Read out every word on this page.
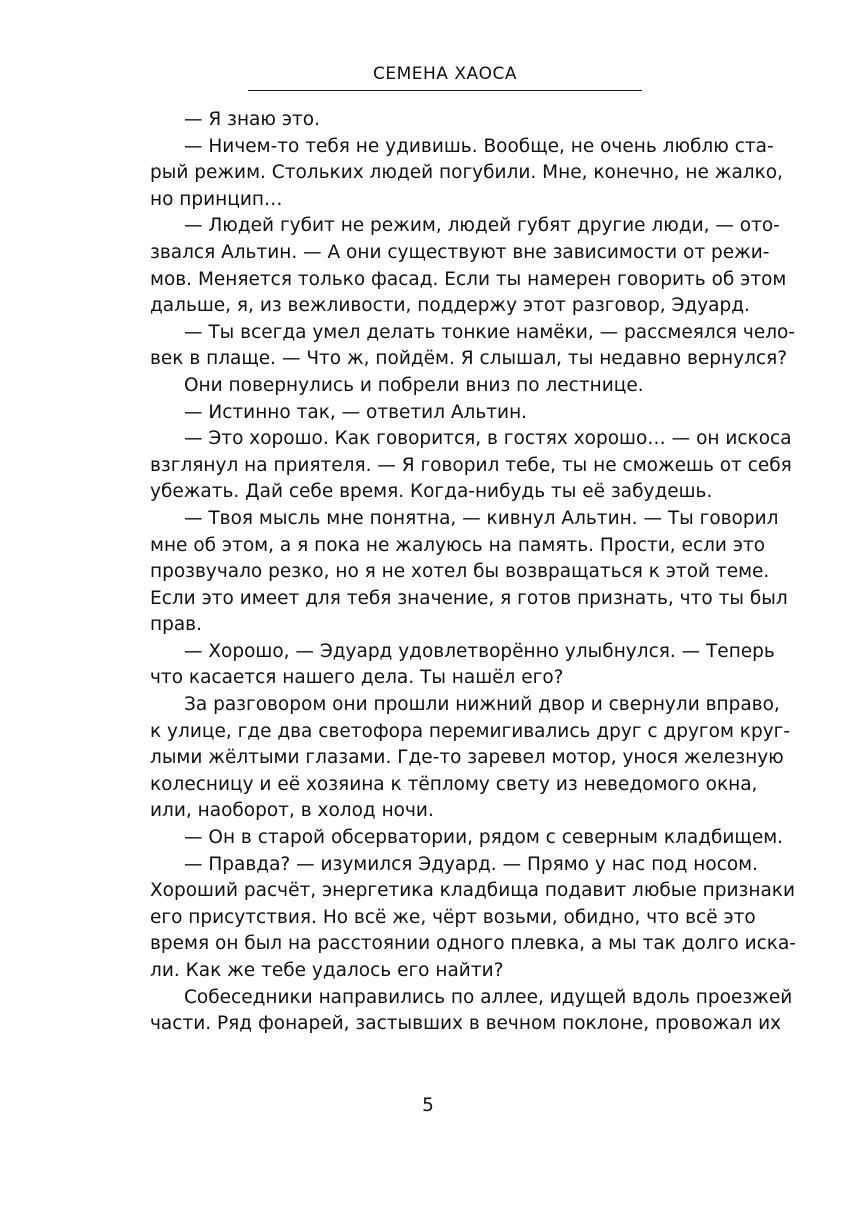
СЕМЕНА ХАОСА
— Я знаю это.
— Ничем-то тебя не удивишь. Вообще, не очень люблю ста-
рый режим. Стольких людей погубили. Мне, конечно, не жалко,
но принцип…
— Людей губит не режим, людей губят другие люди, — ото-
звался Альтин. — А они существуют вне зависимости от режи-
мов. Меняется только фасад. Если ты намерен говорить об этом
дальше, я, из вежливости, поддержу этот разговор, Эдуард.
— Ты всегда умел делать тонкие намёки, — рассмеялся чело-
век в плаще. — Что ж, пойдём. Я слышал, ты недавно вернулся?
Они повернулись и побрели вниз по лестнице.
— Истинно так, — ответил Альтин.
— Это хорошо. Как говорится, в гостях хорошо… — он искоса
взглянул на приятеля. — Я говорил тебе, ты не сможешь от себя
убежать. Дай себе время. Когда-нибудь ты её забудешь.
— Твоя мысль мне понятна, — кивнул Альтин. — Ты говорил
мне об этом, а я пока не жалуюсь на память. Прости, если это
прозвучало резко, но я не хотел бы возвращаться к этой теме.
Если это имеет для тебя значение, я готов признать, что ты был
прав.
— Хорошо, — Эдуард удовлетворённо улыбнулся. — Теперь
что касается нашего дела. Ты нашёл его?
За разговором они прошли нижний двор и свернули вправо,
к улице, где два светофора перемигивались друг с другом круг-
лыми жёлтыми глазами. Где-то заревел мотор, унося железную
колесницу и её хозяина к тёплому свету из неведомого окна,
или, наоборот, в холод ночи.
— Он в старой обсерватории, рядом с северным кладбищем.
— Правда? — изумился Эдуард. — Прямо у нас под носом.
Хороший расчёт, энергетика кладбища подавит любые признаки
его присутствия. Но всё же, чёрт возьми, обидно, что всё это
время он был на расстоянии одного плевка, а мы так долго иска-
ли. Как же тебе удалось его найти?
Собеседники направились по аллее, идущей вдоль проезжей
части. Ряд фонарей, застывших в вечном поклоне, провожал их
5
